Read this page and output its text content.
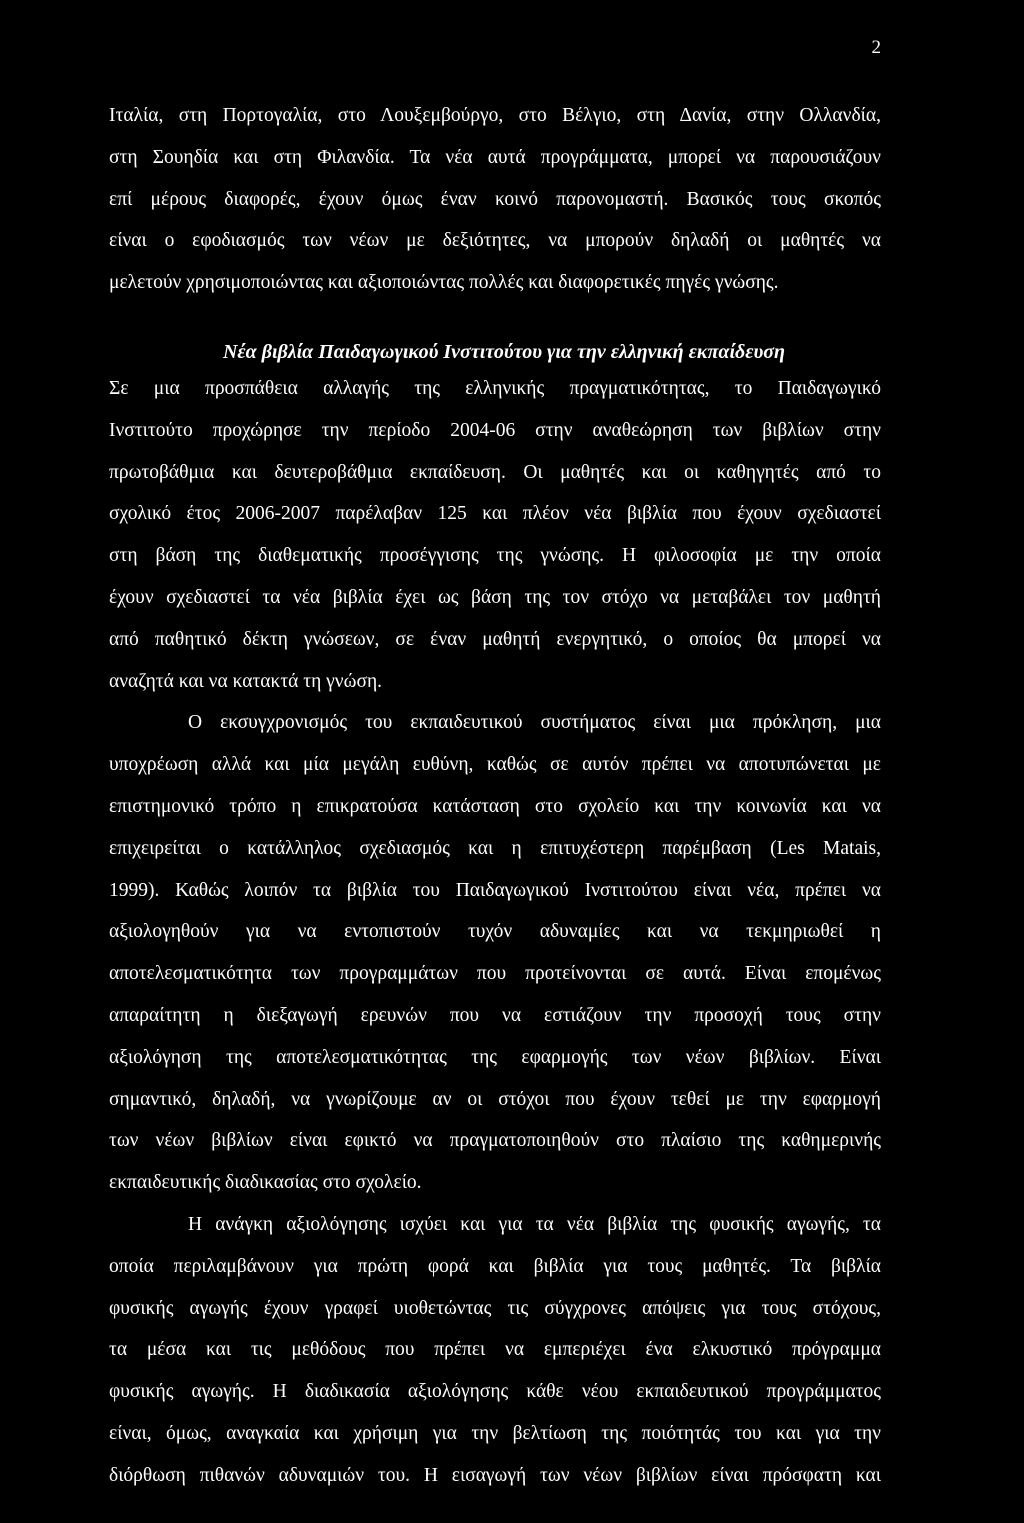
2
Ιταλία, στη Πορτογαλία, στο Λουξεμβούργο, στο Βέλγιο, στη Δανία, στην Ολλανδία,
στη Σουηδία και στη Φιλανδία. Τα νέα αυτά προγράμματα, μπορεί να παρουσιάζουν
επί μέρους διαφορές, έχουν όμως έναν κοινό παρονομαστή. Βασικός τους σκοπός
είναι ο εφοδιασμός των νέων με δεξιότητες, να μπορούν δηλαδή οι μαθητές να
μελετούν χρησιμοποιώντας και αξιοποιώντας πολλές και διαφορετικές πηγές γνώσης.
Νέα βιβλία Παιδαγωγικού Ινστιτούτου για την ελληνική εκπαίδευση
Σε μια προσπάθεια αλλαγής της ελληνικής πραγματικότητας, το Παιδαγωγικό
Ινστιτούτο προχώρησε την περίοδο 2004-06 στην αναθεώρηση των βιβλίων στην
πρωτοβάθμια και δευτεροβάθμια εκπαίδευση. Οι μαθητές και οι καθηγητές από το
σχολικό έτος 2006-2007 παρέλαβαν 125 και πλέον νέα βιβλία που έχουν σχεδιαστεί
στη βάση της διαθεματικής προσέγγισης της γνώσης. Η φιλοσοφία με την οποία
έχουν σχεδιαστεί τα νέα βιβλία έχει ως βάση της τον στόχο να μεταβάλει τον μαθητή
από παθητικό δέκτη γνώσεων, σε έναν μαθητή ενεργητικό, ο οποίος θα μπορεί να
αναζητά και να κατακτά τη γνώση.
Ο εκσυγχρονισμός του εκπαιδευτικού συστήματος είναι μια πρόκληση, μια
υποχρέωση αλλά και μία μεγάλη ευθύνη, καθώς σε αυτόν πρέπει να αποτυπώνεται με
επιστημονικό τρόπο η επικρατούσα κατάσταση στο σχολείο και την κοινωνία και να
επιχειρείται ο κατάλληλος σχεδιασμός και η επιτυχέστερη παρέμβαση (Les Matais,
1999). Καθώς λοιπόν τα βιβλία του Παιδαγωγικού Ινστιτούτου είναι νέα, πρέπει να
αξιολογηθούν για να εντοπιστούν τυχόν αδυναμίες και να τεκμηριωθεί η
αποτελεσματικότητα των προγραμμάτων που προτείνονται σε αυτά. Είναι επομένως
απαραίτητη η διεξαγωγή ερευνών που να εστιάζουν την προσοχή τους στην
αξιολόγηση της αποτελεσματικότητας της εφαρμογής των νέων βιβλίων. Είναι
σημαντικό, δηλαδή, να γνωρίζουμε αν οι στόχοι που έχουν τεθεί με την εφαρμογή
των νέων βιβλίων είναι εφικτό να πραγματοποιηθούν στο πλαίσιο της καθημερινής
εκπαιδευτικής διαδικασίας στο σχολείο.
Η ανάγκη αξιολόγησης ισχύει και για τα νέα βιβλία της φυσικής αγωγής, τα
οποία περιλαμβάνουν για πρώτη φορά και βιβλία για τους μαθητές. Τα βιβλία
φυσικής αγωγής έχουν γραφεί υιοθετώντας τις σύγχρονες απόψεις για τους στόχους,
τα μέσα και τις μεθόδους που πρέπει να εμπεριέχει ένα ελκυστικό πρόγραμμα
φυσικής αγωγής. Η διαδικασία αξιολόγησης κάθε νέου εκπαιδευτικού προγράμματος
είναι, όμως, αναγκαία και χρήσιμη για την βελτίωση της ποιότητάς του και για την
διόρθωση πιθανών αδυναμιών του. Η εισαγωγή των νέων βιβλίων είναι πρόσφατη και
